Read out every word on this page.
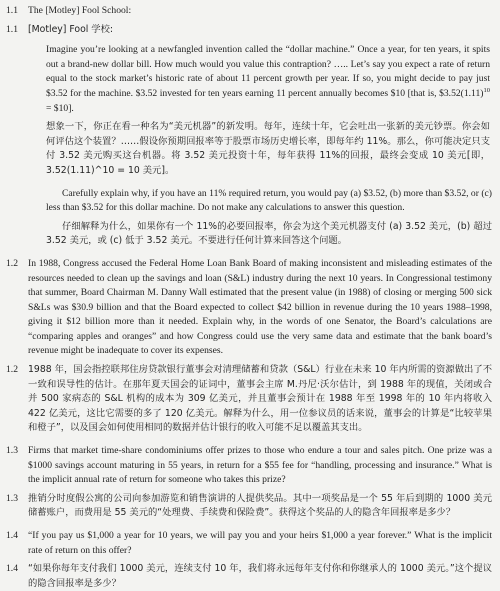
1.1	The [Motley] Fool School:
1.1	[Motley] Fool 学校:

Imagine you’re looking at a newfangled invention called the “dollar machine.” Once a year, for ten years, it spits out a brand-new dollar bill. How much would you value this contraption? ….. Let’s say you expect a rate of return equal to the stock market’s historic rate of about 11 percent growth per year. If so, you might decide to pay just $3.52 for the machine. $3.52 invested for ten years earning 11 percent annually becomes $10 [that is, $\$3.52(1.11)^{10}$ = $10].

想象一下，你正在看一种名为“美元机器”的新发明。每年，连续十年，它会吐出一张新的美元钞票。你会如何评估这个装置？……假设你预期回报率等于股票市场历史增长率，即每年约 11%。那么，你可能决定只支付 3.52 美元购买这台机器。将 3.52 美元投资十年，每年获得 11%的回报，最终会变成 10 美元[即，3.52(1.11)^10 = 10 美元]。

Carefully explain why, if you have an 11% required return, you would pay (a) $3.52, (b) more than $3.52, or (c) less than $3.52 for this dollar machine. Do not make any calculations to answer this question.

仔细解释为什么，如果你有一个 11%的必要回报率，你会为这个美元机器支付 (a) 3.52 美元，(b) 超过 3.52 美元，或 (c) 低于 3.52 美元。不要进行任何计算来回答这个问题。

1.2	In 1988, Congress accused the Federal Home Loan Bank Board of making inconsistent and misleading estimates of the resources needed to clean up the savings and loan (S&L) industry during the next 10 years. In Congressional testimony that summer, Board Chairman M. Danny Wall estimated that the present value (in 1988) of closing or merging 500 sick S&Ls was $30.9 billion and that the Board expected to collect $42 billion in revenue during the 10 years 1988–1998, giving it $12 billion more than it needed. Explain why, in the words of one Senator, the Board’s calculations are “comparing apples and oranges” and how Congress could use the very same data and estimate that the bank board’s revenue might be inadequate to cover its expenses.
1.2	1988 年，国会指控联邦住房贷款银行董事会对清理储蓄和贷款（S&L）行业在未来 10 年内所需的资源做出了不一致和误导性的估计。在那年夏天国会的证词中，董事会主席 M.丹尼·沃尔估计，到 1988 年的现值，关闭或合并 500 家病态的 S&L 机构的成本为 309 亿美元，并且董事会预计在 1988 年至 1998 年的 10 年内将收入 422 亿美元，这比它需要的多了 120 亿美元。解释为什么，用一位参议员的话来说，董事会的计算是“比较苹果和橙子”，以及国会如何使用相同的数据并估计银行的收入可能不足以覆盖其支出。
1.3	Firms that market time-share condominiums offer prizes to those who endure a tour and sales pitch. One prize was a $1000 savings account maturing in 55 years, in return for a $55 fee for “handling, processing and insurance.” What is the implicit annual rate of return for someone who takes this prize?
1.3	推销分时度假公寓的公司向参加游览和销售演讲的人提供奖品。其中一项奖品是一个 55 年后到期的 1000 美元储蓄账户，而费用是 55 美元的“处理费、手续费和保险费”。获得这个奖品的人的隐含年回报率是多少？
1.4	“If you pay us $1,000 a year for 10 years, we will pay you and your heirs $1,000 a year forever.” What is the implicit rate of return on this offer?
1.4	“如果你每年支付我们 1000 美元，连续支付 10 年，我们将永远每年支付你和你继承人的 1000 美元。”这个提议的隐含回报率是多少？
